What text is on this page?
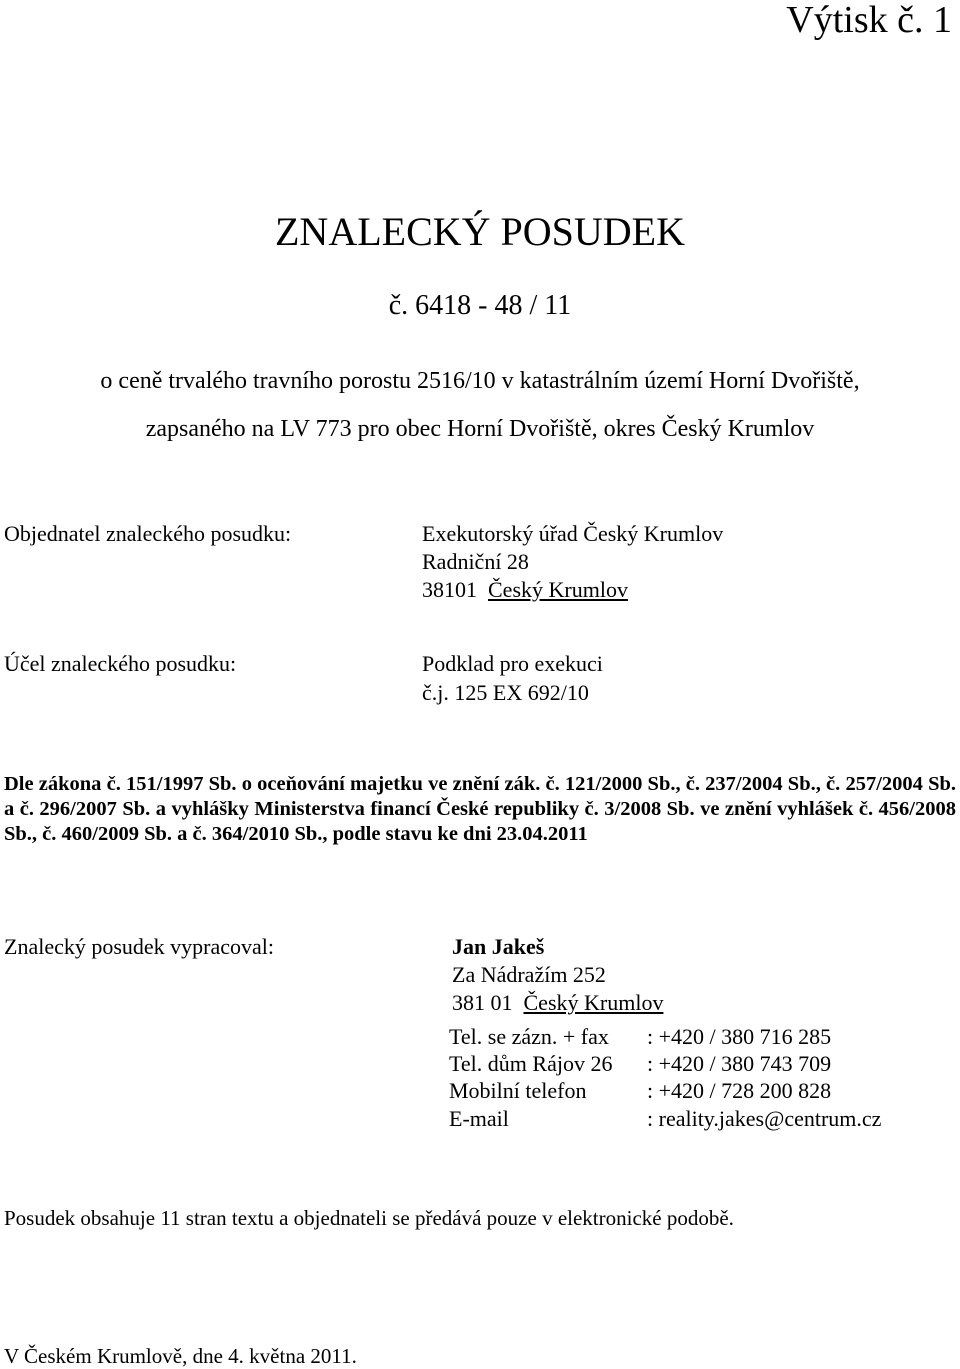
Výtisk č. 1
ZNALECKÝ POSUDEK
č. 6418 - 48 / 11
o ceně trvalého travního porostu 2516/10 v katastrálním území Horní Dvořiště,
zapsaného na LV 773 pro obec Horní Dvořiště, okres Český Krumlov
Objednatel znaleckého posudku:	Exekutorský úřad Český Krumlov
Radniční 28
38101 Český Krumlov
Účel znaleckého posudku:	Podklad pro exekuci
č.j. 125 EX 692/10
Dle zákona č. 151/1997 Sb. o oceňování majetku ve znění zák. č. 121/2000 Sb., č. 237/2004 Sb., č. 257/2004 Sb. a č. 296/2007 Sb. a vyhlášky Ministerstva financí České republiky č. 3/2008 Sb. ve znění vyhlášek č. 456/2008 Sb., č. 460/2009 Sb. a č. 364/2010 Sb., podle stavu ke dni 23.04.2011
Znalecký posudek vypracoval:	Jan Jakeš
Za Nádražím 252
381 01 Český Krumlov
Tel. se zázn. + fax : +420 / 380 716 285
Tel. dům Rájov 26 : +420 / 380 743 709
Mobilní telefon	: +420 / 728 200 828
E-mail	: reality.jakes@centrum.cz
Posudek obsahuje 11 stran textu a objednateli se předává pouze v elektronické podobě.
V Českém Krumlově, dne 4. května 2011.
